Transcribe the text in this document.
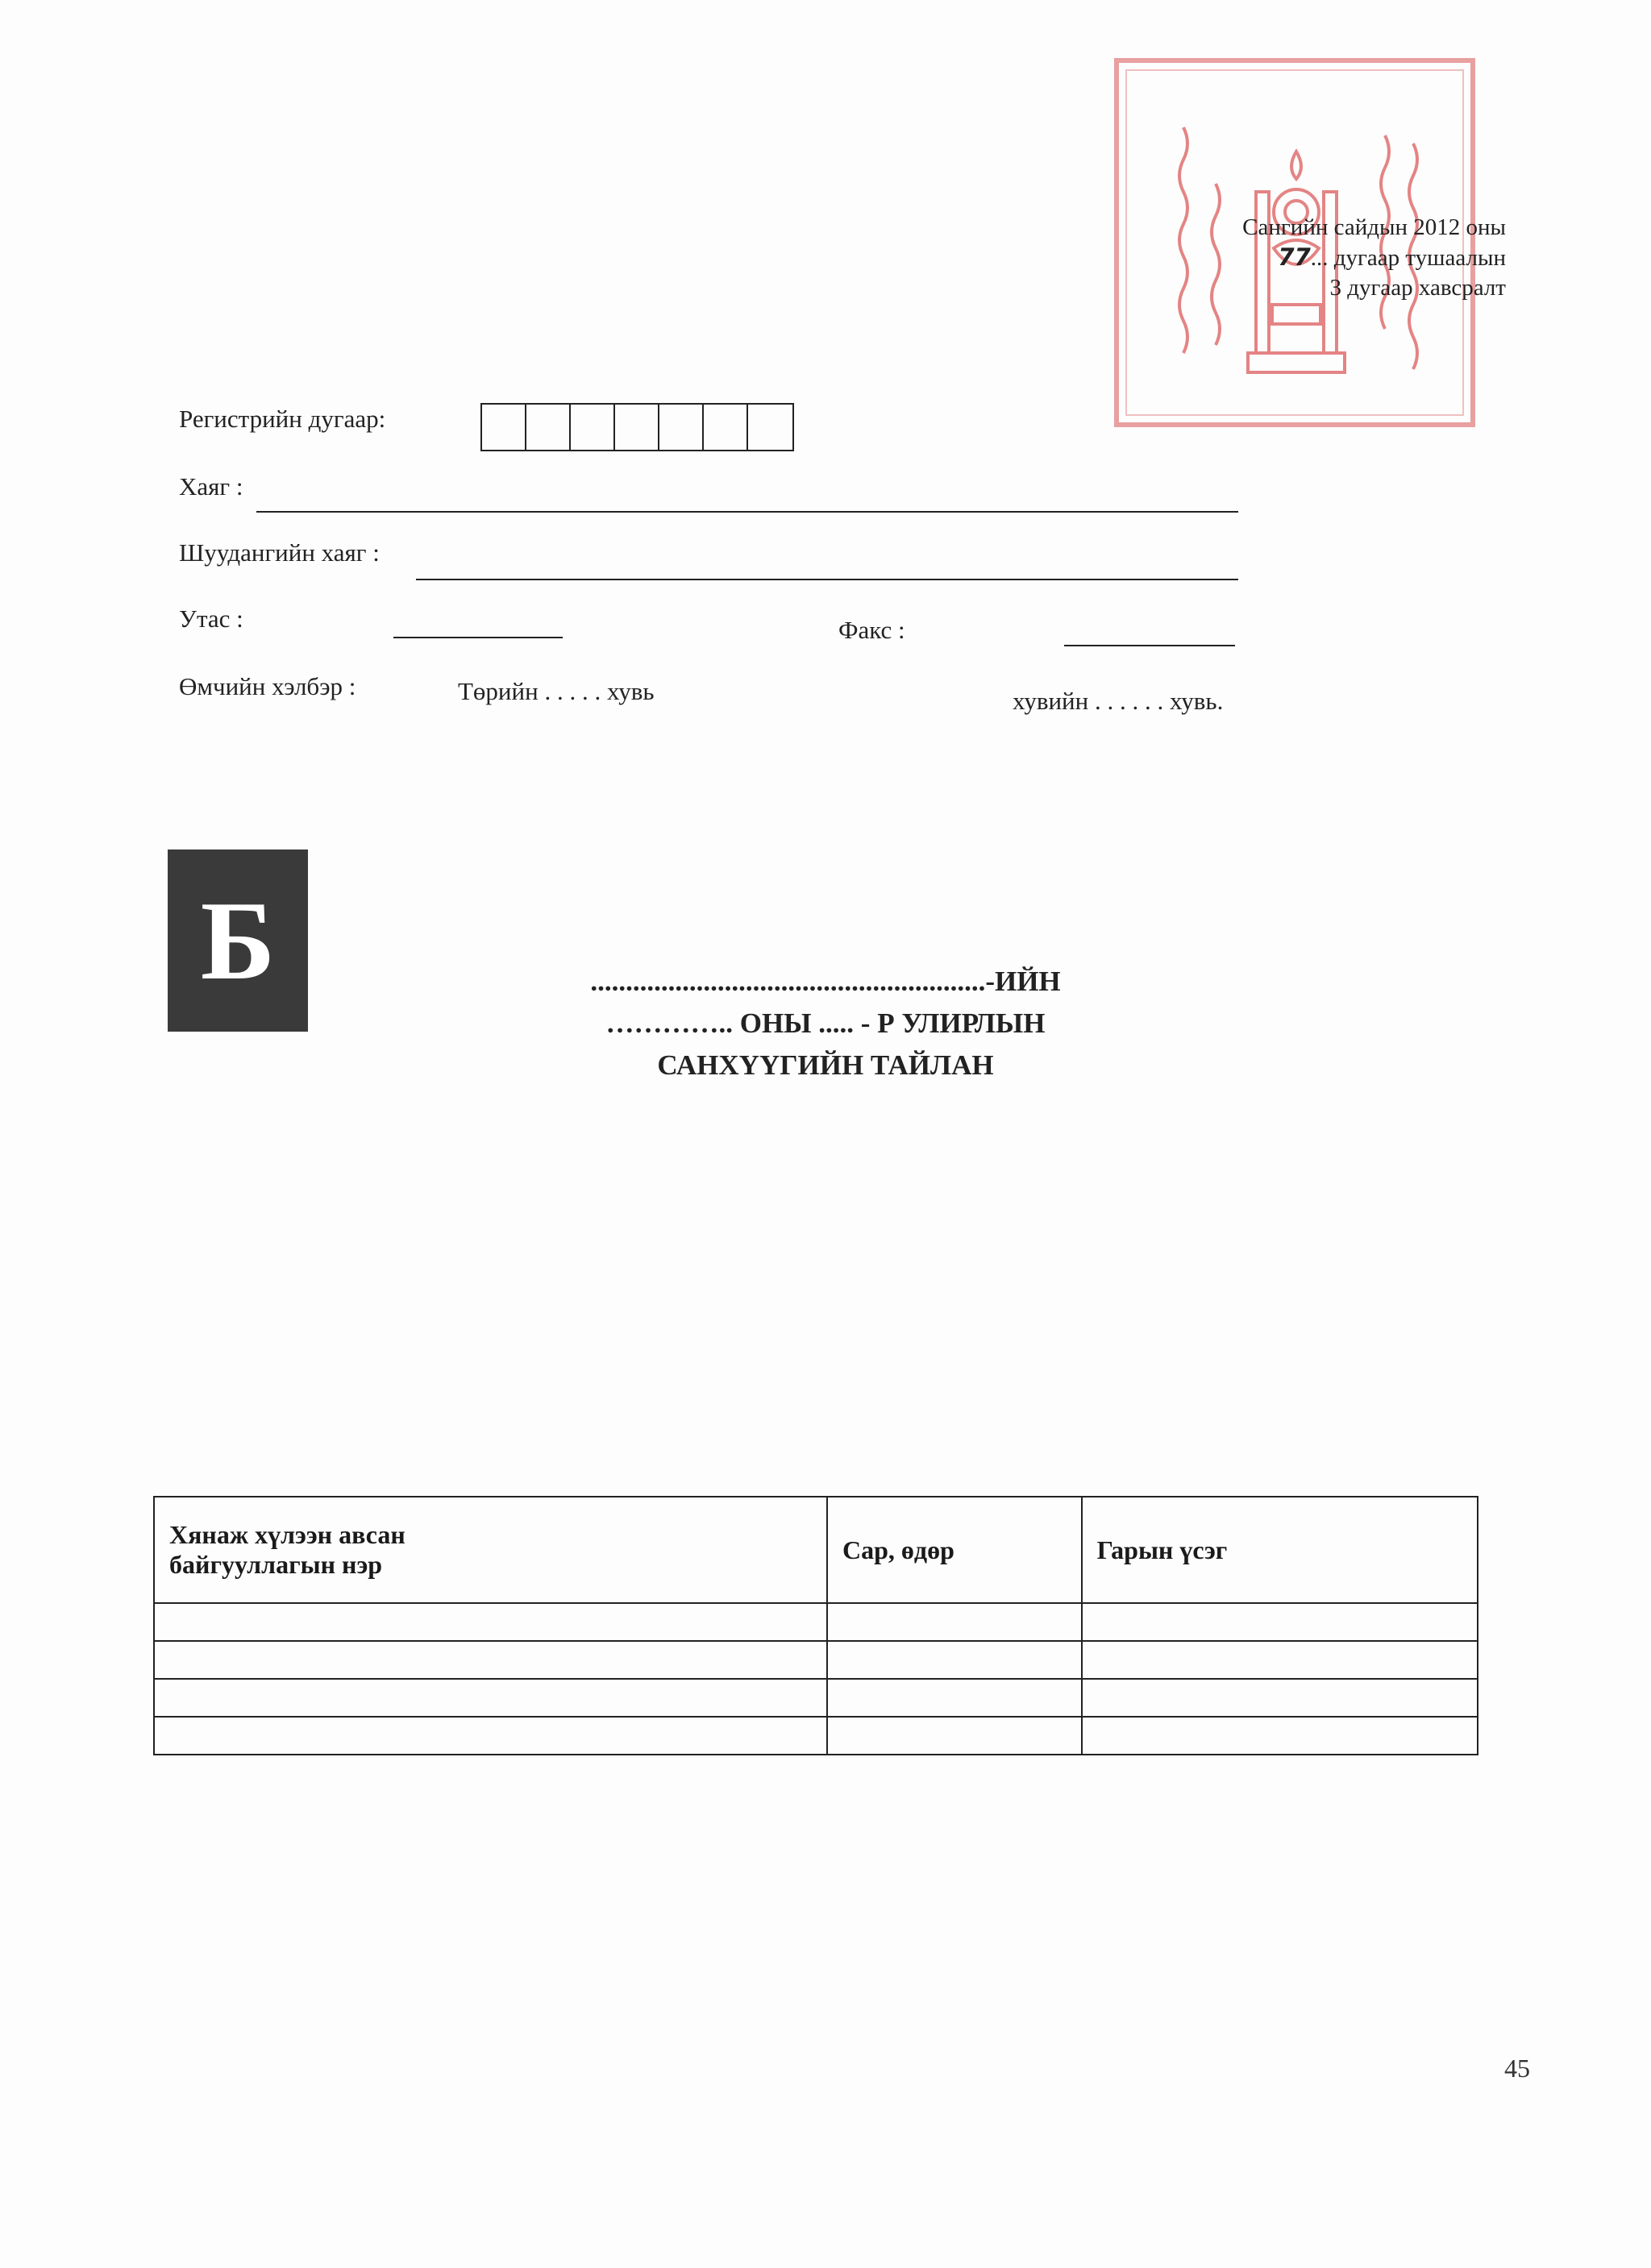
Сангийн сайдын 2012 оны
77... дугаар тушаалын
3 дугаар хавсралт
Регистрийн дугаар:
Хаяг :
Шуудангийн хаяг :
Утас :	Факс :
Өмчийн хэлбэр :	Төрийн . . . . . хувь	хувийн . . . . . . хувь.
Б	........................................................-ИЙН
………….. ОНЫ ..... - Р УЛИРЛЫН
САНХҮҮГИЙН ТАЙЛАН
Хянаж хүлээн авсан
байгууллагын нэр	Сар, өдөр	Гарын үсэг

45
